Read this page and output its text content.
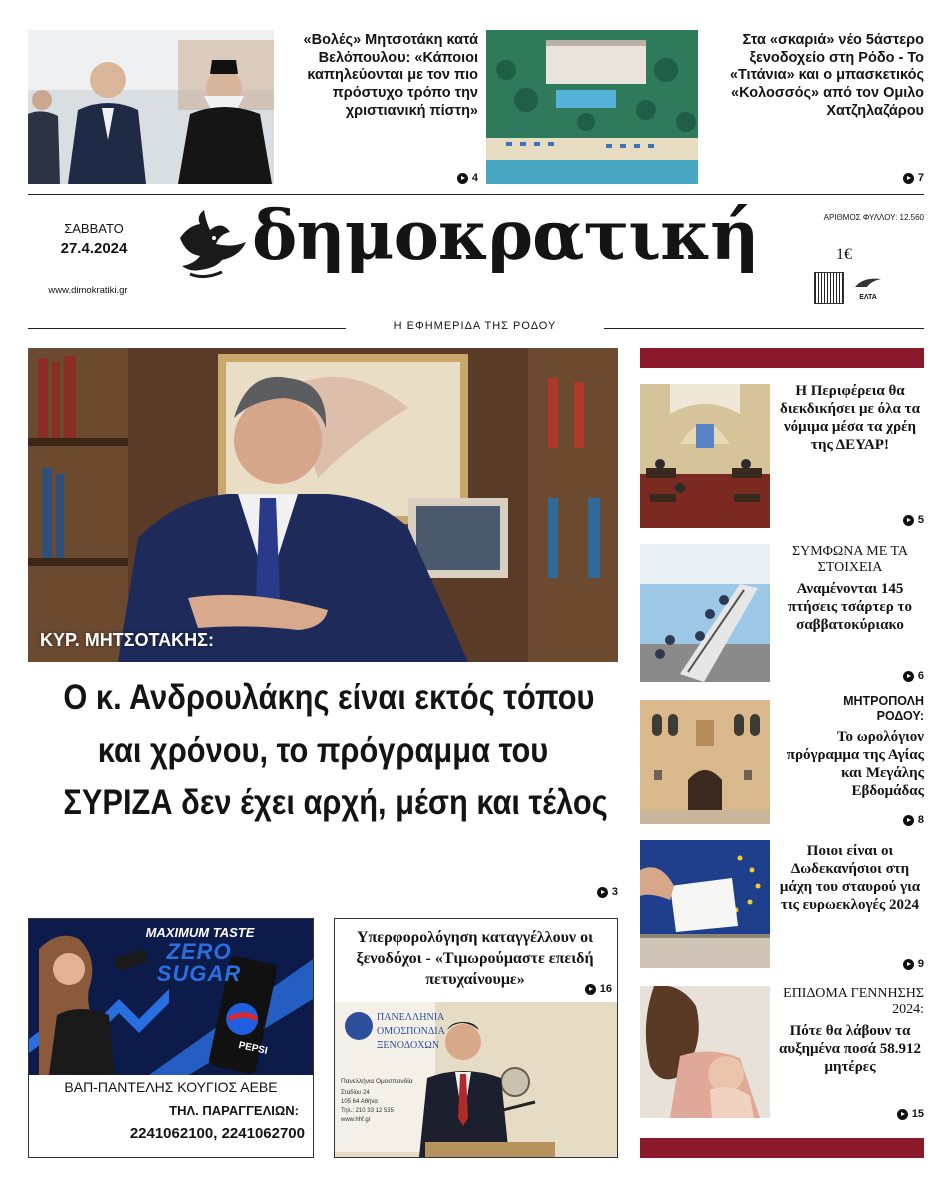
«Βολές» Μητσοτάκη κατά Βελόπουλου: «Κάποιοι καπηλεύονται με τον πιο πρόστυχο τρόπο την χριστιανική πίστη»
4
Στα «σκαριά» νέο 5άστερο ξενοδοχείο στη Ρόδο - Το «Τιτάνια» και ο μπασκετικός «Κολοσσός» από τον Ομιλο Χατζηλαζάρου
7
ΣΑΒΒΑΤΟ
27.4.2024
www.dimokratiki.gr
δημοκρατική	ΑΡΙΘΜΟΣ ΦΥΛΛΟΥ: 12.560
1€
ΕΛΤΑ
Η ΕΦΗΜΕΡΙΔΑ ΤΗΣ ΡΟΔΟΥ
ΚΥΡ. ΜΗΤΣΟΤΑΚΗΣ:
Ο κ. Ανδρουλάκης είναι εκτός τόπου
και χρόνου, το πρόγραμμα του
ΣΥΡΙΖΑ δεν έχει αρχή, μέση και τέλος
3
Η Περιφέρεια θα διεκδικήσει με όλα τα νόμιμα μέσα τα χρέη της ΔΕΥΑΡ!
5
ΣΥΜΦΩΝΑ ΜΕ ΤΑ ΣΤΟΙΧΕΙΑ
Αναμένονται 145 πτήσεις τσάρτερ το σαββατοκύριακο
6
ΜΗΤΡΟΠΟΛΗ ΡΟΔΟΥ:
Το ωρολόγιον πρόγραμμα της Αγίας και Μεγάλης Εβδομάδας
8
Ποιοι είναι οι Δωδεκανήσιοι στη μάχη του σταυρού για τις ευρωεκλογές 2024
9
ΕΠΙΔΟΜΑ ΓΕΝΝΗΣΗΣ 2024:
Πότε θα λάβουν τα αυξημένα ποσά 58.912 μητέρες
15
MAXIMUM TASTE
ZERO
SUGAR
PEPSI
ΒΑΠ-ΠΑΝΤΕΛΗΣ ΚΟΥΓΙΟΣ ΑΕΒΕ
ΤΗΛ. ΠΑΡΑΓΓΕΛΙΩΝ:
2241062100, 2241062700
Υπερφορολόγηση καταγγέλλουν οι ξενοδόχοι - «Τιμωρούμαστε επειδή πετυχαίνουμε»
16
ΠΑΝΕΛΛΗΝΙΑ
ΟΜΟΣΠΟΝΔΙΑ
ΞΕΝΟΔΟΧΩΝ
Πανελλήνια Ομοσπονδία
Σταδίου 24
105 64 Αθήνα
Τηλ.: 210 33 12 535
www.hhf.gr
